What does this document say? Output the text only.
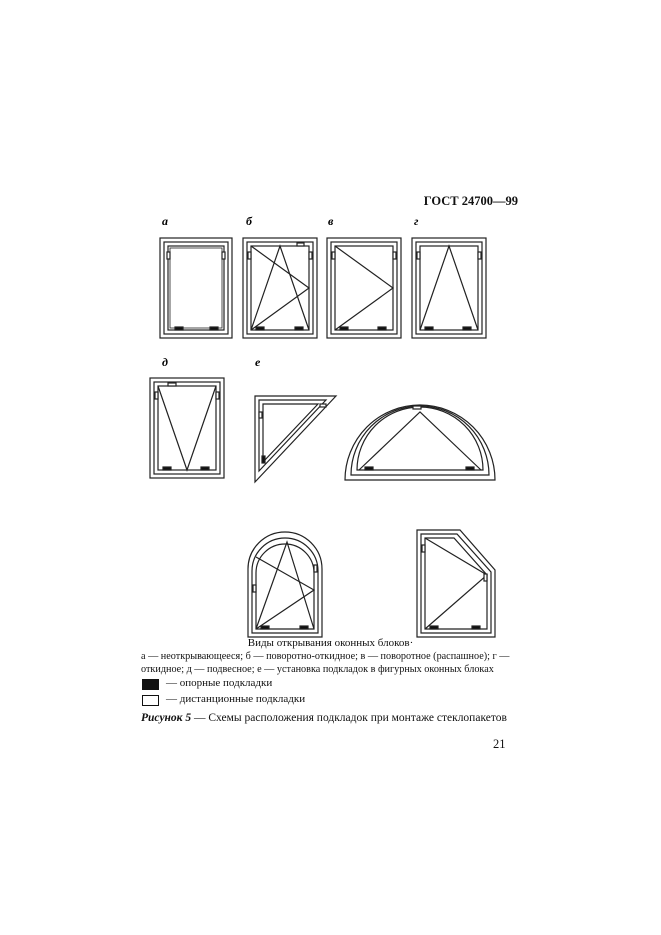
ГОСТ 24700—99

а	б	в	г
д	е

Виды открывания оконных блоков·

а — неоткрывающееся; б — поворотно-откидное; в — поворотное (распашное); г —

откидное; д — подвесное; е — установка подкладок в фигурных оконных блоках

— опорные подкладки

— дистанционные подкладки

Рисунок 5 — Схемы расположения подкладок при монтаже стеклопакетов

21
